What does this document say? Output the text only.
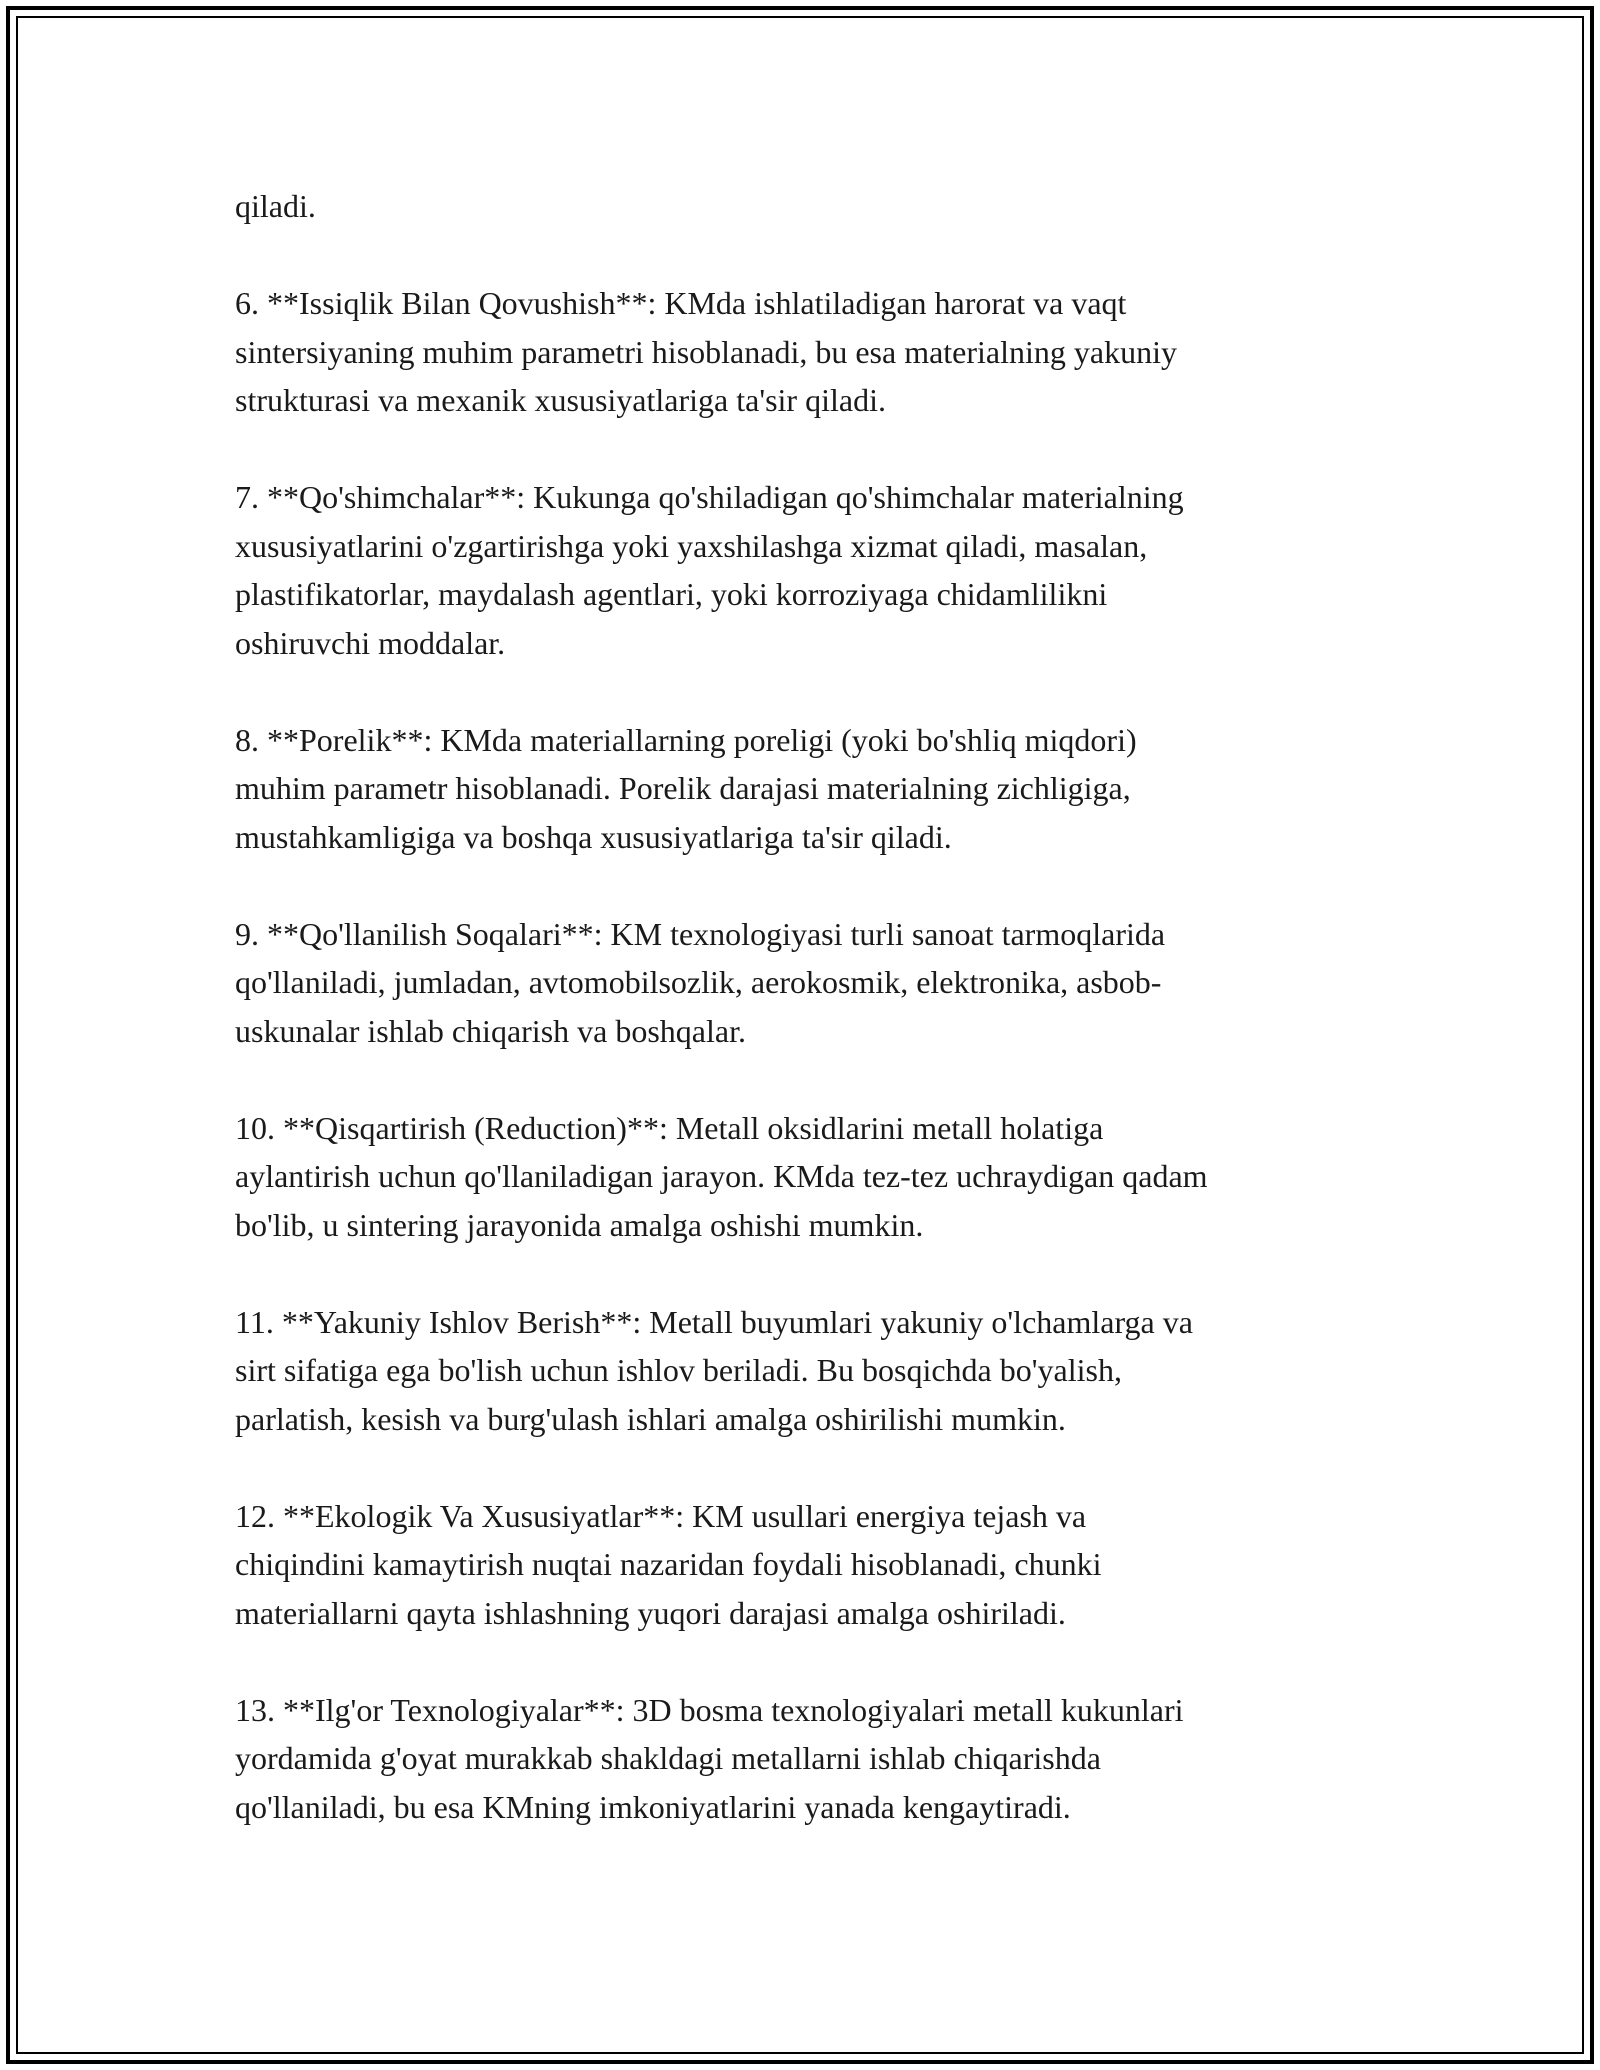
qiladi.

6. **Issiqlik Bilan Qovushish**: KMda ishlatiladigan harorat va vaqt
sintersiyaning muhim parametri hisoblanadi, bu esa materialning yakuniy
strukturasi va mexanik xususiyatlariga ta'sir qiladi.

7. **Qo'shimchalar**: Kukunga qo'shiladigan qo'shimchalar materialning
xususiyatlarini o'zgartirishga yoki yaxshilashga xizmat qiladi, masalan,
plastifikatorlar, maydalash agentlari, yoki korroziyaga chidamlilikni
oshiruvchi moddalar.

8. **Porelik**: KMda materiallarning poreligi (yoki bo'shliq miqdori)
muhim parametr hisoblanadi. Porelik darajasi materialning zichligiga,
mustahkamligiga va boshqa xususiyatlariga ta'sir qiladi.

9. **Qo'llanilish Soqalari**: KM texnologiyasi turli sanoat tarmoqlarida
qo'llaniladi, jumladan, avtomobilsozlik, aerokosmik, elektronika, asbob-
uskunalar ishlab chiqarish va boshqalar.

10. **Qisqartirish (Reduction)**: Metall oksidlarini metall holatiga
aylantirish uchun qo'llaniladigan jarayon. KMda tez-tez uchraydigan qadam
bo'lib, u sintering jarayonida amalga oshishi mumkin.

11. **Yakuniy Ishlov Berish**: Metall buyumlari yakuniy o'lchamlarga va
sirt sifatiga ega bo'lish uchun ishlov beriladi. Bu bosqichda bo'yalish,
parlatish, kesish va burg'ulash ishlari amalga oshirilishi mumkin.

12. **Ekologik Va Xususiyatlar**: KM usullari energiya tejash va
chiqindini kamaytirish nuqtai nazaridan foydali hisoblanadi, chunki
materiallarni qayta ishlashning yuqori darajasi amalga oshiriladi.

13. **Ilg'or Texnologiyalar**: 3D bosma texnologiyalari metall kukunlari
yordamida g'oyat murakkab shakldagi metallarni ishlab chiqarishda
qo'llaniladi, bu esa KMning imkoniyatlarini yanada kengaytiradi.
